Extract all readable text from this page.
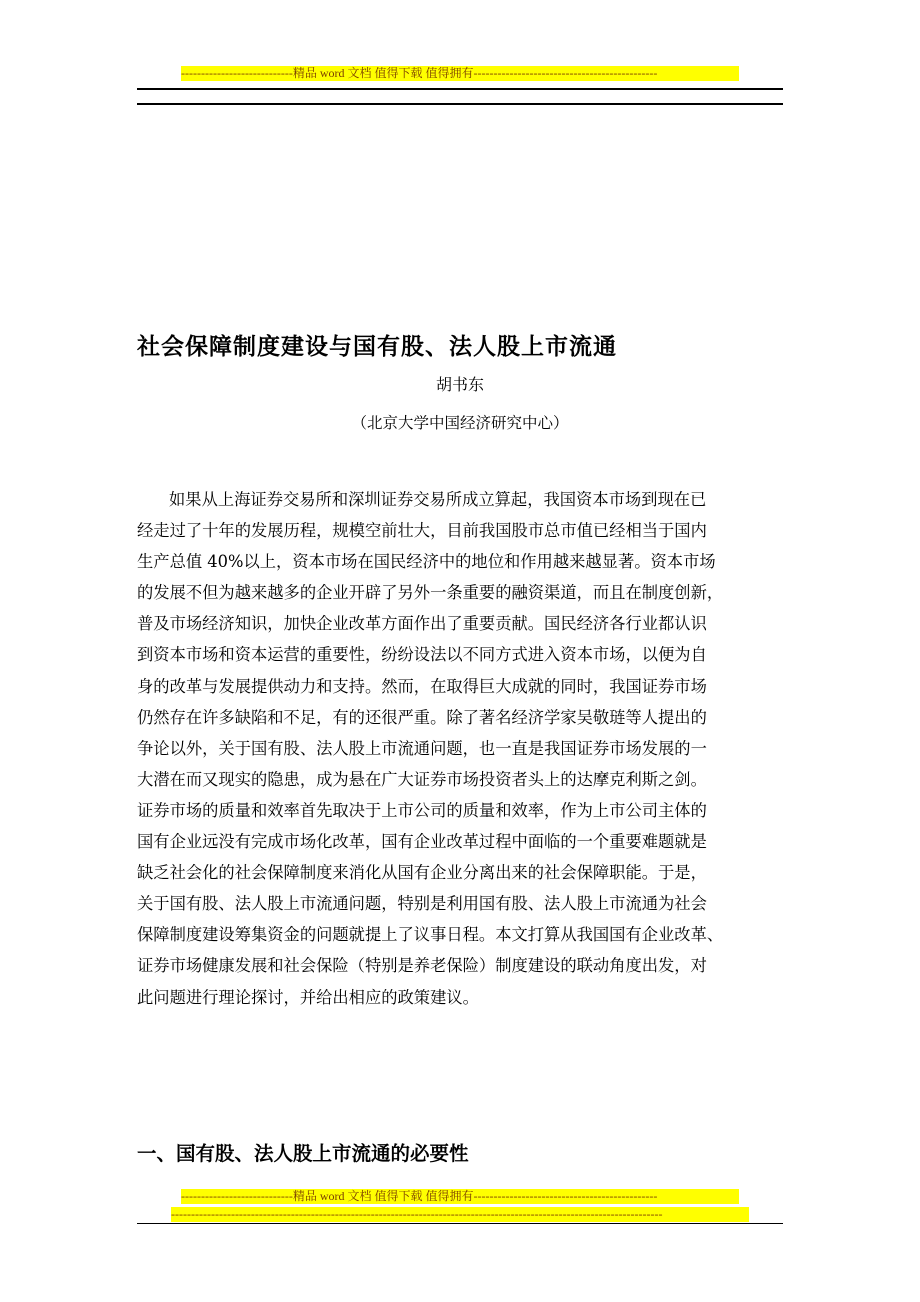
----------------------------精品 word 文档 值得下载 值得拥有----------------------------------------------
社会保障制度建设与国有股、法人股上市流通
胡书东
（北京大学中国经济研究中心）
如果从上海证券交易所和深圳证券交易所成立算起，我国资本市场到现在已
经走过了十年的发展历程，规模空前壮大，目前我国股市总市值已经相当于国内
生产总值 40%以上，资本市场在国民经济中的地位和作用越来越显著。资本市场
的发展不但为越来越多的企业开辟了另外一条重要的融资渠道，而且在制度创新，
普及市场经济知识，加快企业改革方面作出了重要贡献。国民经济各行业都认识
到资本市场和资本运营的重要性，纷纷设法以不同方式进入资本市场，以便为自
身的改革与发展提供动力和支持。然而，在取得巨大成就的同时，我国证券市场
仍然存在许多缺陷和不足，有的还很严重。除了著名经济学家吴敬琏等人提出的
争论以外，关于国有股、法人股上市流通问题，也一直是我国证券市场发展的一
大潜在而又现实的隐患，成为悬在广大证券市场投资者头上的达摩克利斯之剑。
证券市场的质量和效率首先取决于上市公司的质量和效率，作为上市公司主体的
国有企业远没有完成市场化改革，国有企业改革过程中面临的一个重要难题就是
缺乏社会化的社会保障制度来消化从国有企业分离出来的社会保障职能。于是，
关于国有股、法人股上市流通问题，特别是利用国有股、法人股上市流通为社会
保障制度建设筹集资金的问题就提上了议事日程。本文打算从我国国有企业改革、
证券市场健康发展和社会保险（特别是养老保险）制度建设的联动角度出发，对
此问题进行理论探讨，并给出相应的政策建议。
一、国有股、法人股上市流通的必要性
----------------------------精品 word 文档 值得下载 值得拥有----------------------------------------------
---------------------------------------------------------------------------------------------------------------------------
